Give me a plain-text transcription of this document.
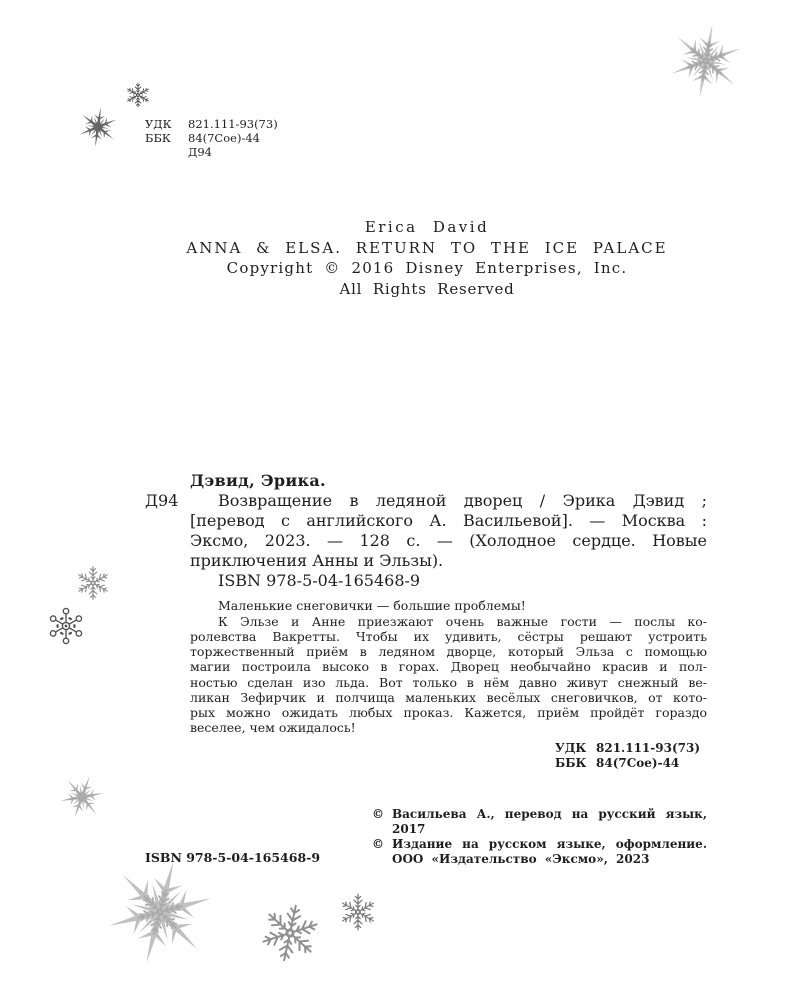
УДК	821.111-93(73)
ББК	84(7Сое)-44
Д94
Erica David
ANNA & ELSA. RETURN TO THE ICE PALACE
Copyright © 2016 Disney Enterprises, Inc.
All Rights Reserved
Д94
Дэвид, Эрика.
Возвращение в ледяной дворец / Эрика Дэвид ;
[перевод с английского А. Васильевой]. — Москва :
Эксмо, 2023. — 128 с. — (Холодное сердце. Новые
приключения Анны и Эльзы).
ISBN 978-5-04-165468-9
Маленькие снеговички — большие проблемы!
К Эльзе и Анне приезжают очень важные гости — послы ко-
ролевства Вакретты. Чтобы их удивить, сёстры решают устроить
торжественный приём в ледяном дворце, который Эльза с помощью
магии построила высоко в горах. Дворец необычайно красив и пол-
ностью сделан изо льда. Вот только в нём давно живут снежный ве-
ликан Зефирчик и полчища маленьких весёлых снеговичков, от кото-
рых можно ожидать любых проказ. Кажется, приём пройдёт гораздо
веселее, чем ожидалось!
УДК 821.111-93(73)
ББК 84(7Сое)-44
© Васильева А., перевод на русский язык,
2017
© Издание на русском языке, оформление.
ООО «Издательство «Эксмо», 2023
ISBN 978-5-04-165468-9
